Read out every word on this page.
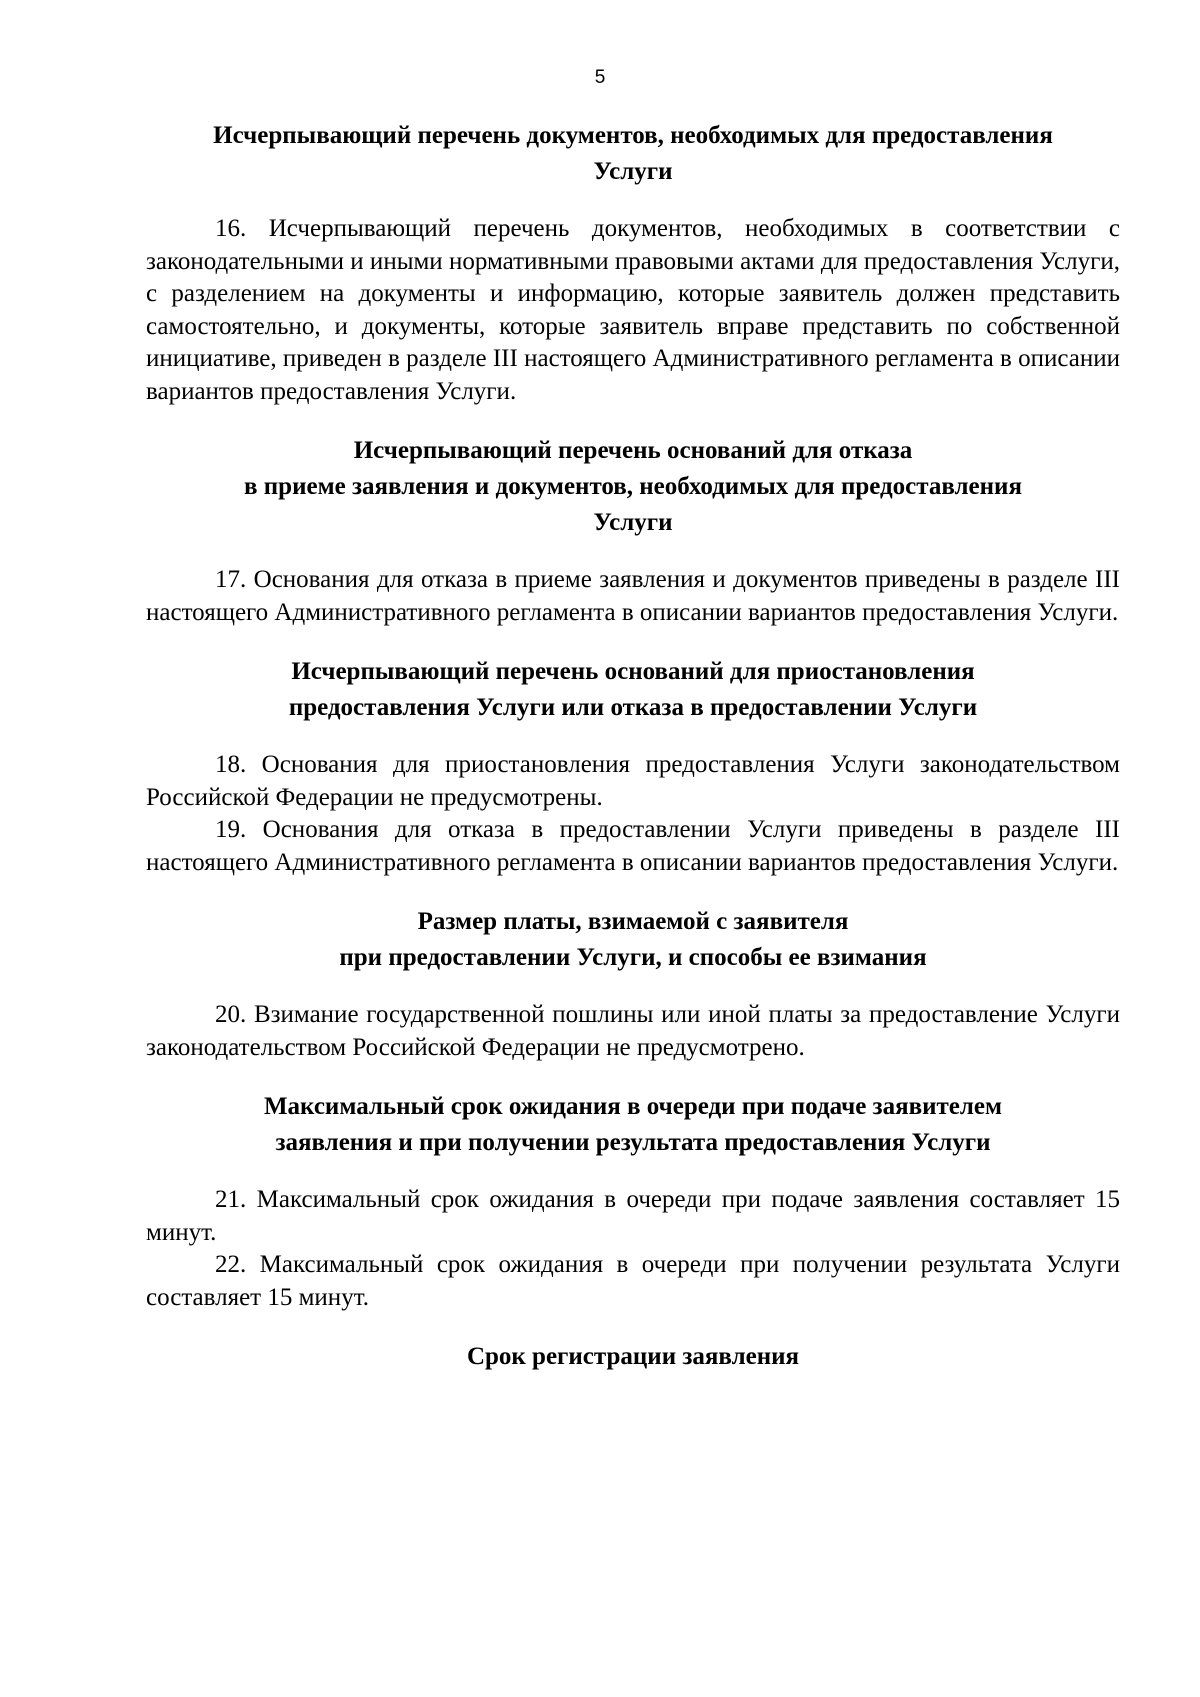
5
Исчерпывающий перечень документов, необходимых для предоставления
Услуги

16. Исчерпывающий перечень документов, необходимых в соответствии с законодательными и иными нормативными правовыми актами для предоставления Услуги, с разделением на документы и информацию, которые заявитель должен представить самостоятельно, и документы, которые заявитель вправе представить по собственной инициативе, приведен в разделе III настоящего Административного регламента в описании вариантов предоставления Услуги.

Исчерпывающий перечень оснований для отказа
в приеме заявления и документов, необходимых для предоставления
Услуги

17. Основания для отказа в приеме заявления и документов приведены в разделе III настоящего Административного регламента в описании вариантов предоставления Услуги.

Исчерпывающий перечень оснований для приостановления
предоставления Услуги или отказа в предоставлении Услуги

18. Основания для приостановления предоставления Услуги законодательством Российской Федерации не предусмотрены.

19. Основания для отказа в предоставлении Услуги приведены в разделе III настоящего Административного регламента в описании вариантов предоставления Услуги.

Размер платы, взимаемой с заявителя
при предоставлении Услуги, и способы ее взимания

20. Взимание государственной пошлины или иной платы за предоставление Услуги законодательством Российской Федерации не предусмотрено.

Максимальный срок ожидания в очереди при подаче заявителем
заявления и при получении результата предоставления Услуги

21. Максимальный срок ожидания в очереди при подаче заявления составляет 15 минут.

22. Максимальный срок ожидания в очереди при получении результата Услуги составляет 15 минут.

Срок регистрации заявления
